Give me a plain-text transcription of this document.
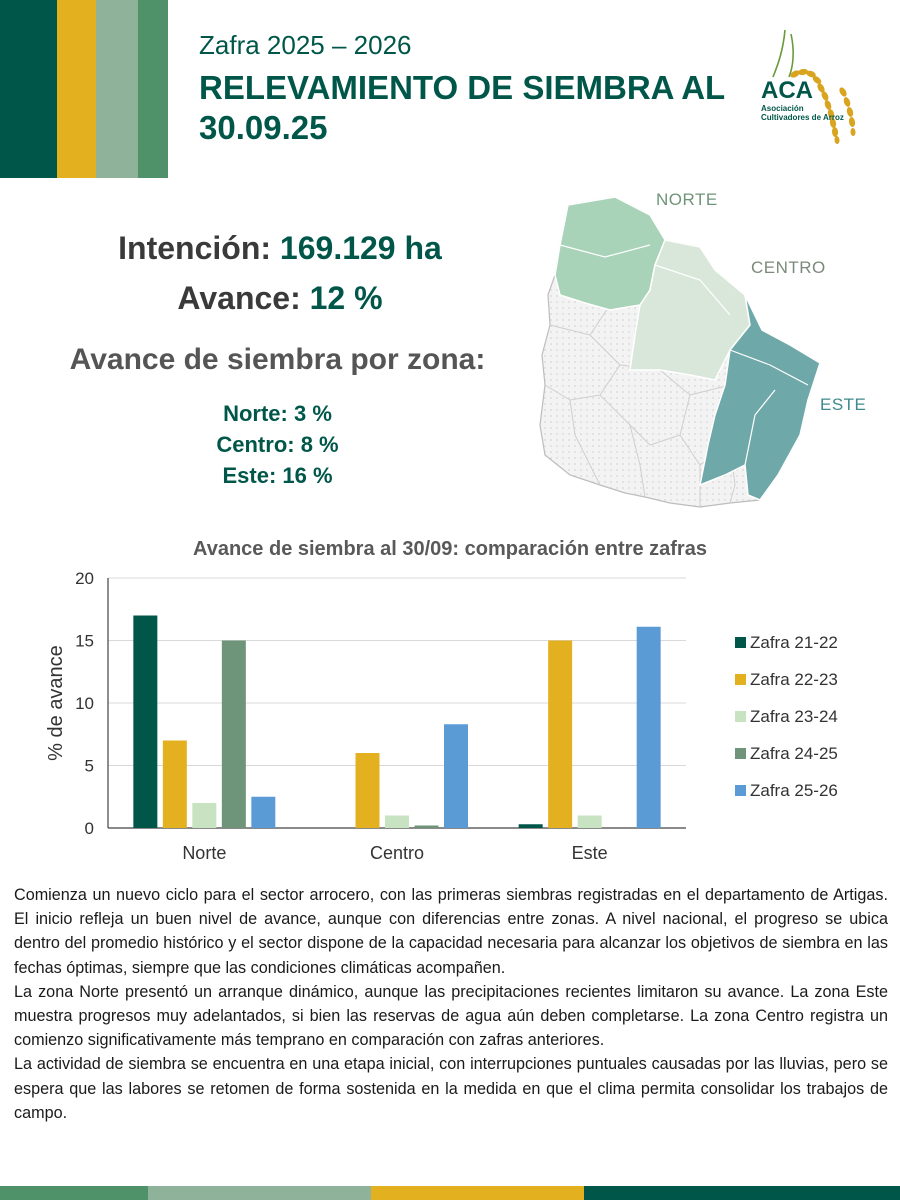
Zafra 2025 – 2026
RELEVAMIENTO DE SIEMBRA AL 30.09.25
ACA
Asociación Cultivadores de Arroz
Intención: 169.129 ha
Avance: 12 %
Avance de siembra por zona:
Norte: 3 %
Centro: 8 %
Este: 16 %
NORTE
CENTRO
ESTE
Avance de siembra al 30/09: comparación entre zafras
0
5
10
15
20
% de avance
Norte	Centro	Este
Zafra 21-22
Zafra 22-23
Zafra 23-24
Zafra 24-25
Zafra 25-26

Comienza un nuevo ciclo para el sector arrocero, con las primeras siembras registradas en el departamento de Artigas. El inicio refleja un buen nivel de avance, aunque con diferencias entre zonas. A nivel nacional, el progreso se ubica dentro del promedio histórico y el sector dispone de la capacidad necesaria para alcanzar los objetivos de siembra en las fechas óptimas, siempre que las condiciones climáticas acompañen.

La zona Norte presentó un arranque dinámico, aunque las precipitaciones recientes limitaron su avance. La zona Este muestra progresos muy adelantados, si bien las reservas de agua aún deben completarse. La zona Centro registra un comienzo significativamente más temprano en comparación con zafras anteriores.

La actividad de siembra se encuentra en una etapa inicial, con interrupciones puntuales causadas por las lluvias, pero se espera que las labores se retomen de forma sostenida en la medida en que el clima permita consolidar los trabajos de campo.
